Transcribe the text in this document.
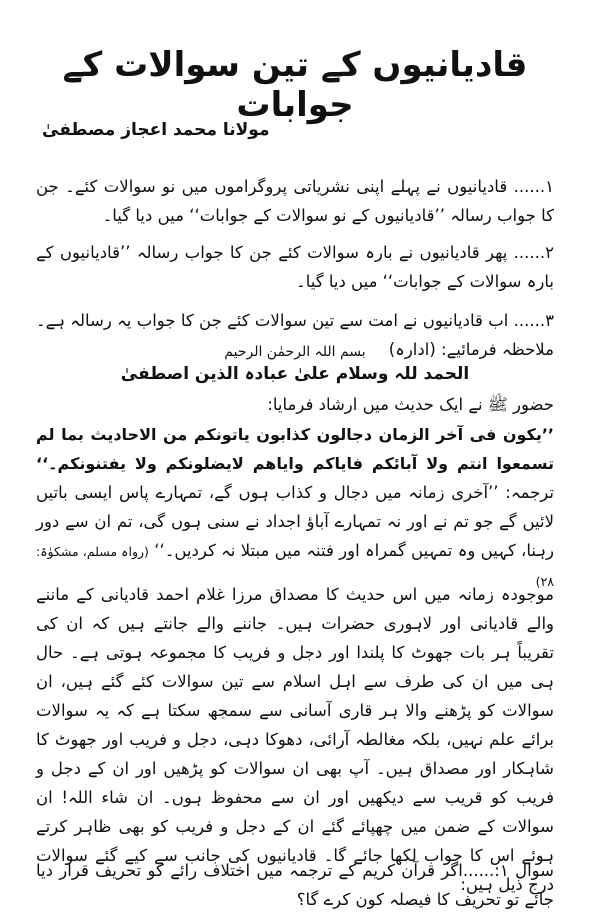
قادیانیوں کے تین سوالات کے جوابات
مولانا محمد اعجاز مصطفیٰ
۱...... قادیانیوں نے پہلے اپنی نشریاتی پروگراموں میں نو سوالات کئے۔ جن کا جواب رسالہ ’’قادیانیوں کے نو سوالات کے جوابات‘‘ میں دیا گیا۔
۲...... پھر قادیانیوں نے بارہ سوالات کئے جن کا جواب رسالہ ’’قادیانیوں کے بارہ سوالات کے جوابات‘‘ میں دیا گیا۔
۳...... اب قادیانیوں نے امت سے تین سوالات کئے جن کا جواب یہ رسالہ ہے۔ ملاحظہ فرمائیے: (ادارہ)
بسم اللہ الرحمٰن الرحیم
الحمد للہ وسلام علیٰ عبادہ الذین اصطفیٰ
حضور ﷺ نے ایک حدیث میں ارشاد فرمایا:
’’یکون فی آخر الزمان دجالون کذابون یاتونکم من الاحادیث بما لم تسمعوا انتم ولا آبائکم فایاکم وایاھم لایضلونکم ولا یفتنونکم۔‘‘ ترجمہ: ’’آخری زمانہ میں دجال و کذاب ہوں گے، تمہارے پاس ایسی باتیں لائیں گے جو تم نے اور نہ تمہارے آباؤ اجداد نے سنی ہوں گی، تم ان سے دور رہنا، کہیں وہ تمہیں گمراہ اور فتنہ میں مبتلا نہ کردیں۔‘‘ (رواہ مسلم، مشکوٰۃ: ۲۸)
موجودہ زمانہ میں اس حدیث کا مصداق مرزا غلام احمد قادیانی کے ماننے والے قادیانی اور لاہوری حضرات ہیں۔ جاننے والے جانتے ہیں کہ ان کی تقریباً ہر بات جھوٹ کا پلندا اور دجل و فریب کا مجموعہ ہوتی ہے۔ حال ہی میں ان کی طرف سے اہل اسلام سے تین سوالات کئے گئے ہیں، ان سوالات کو پڑھنے والا ہر قاری آسانی سے سمجھ سکتا ہے کہ یہ سوالات برائے علم نہیں، بلکہ مغالطہ آرائی، دھوکا دہی، دجل و فریب اور جھوٹ کا شاہکار اور مصداق ہیں۔ آپ بھی ان سوالات کو پڑھیں اور ان کے دجل و فریب کو قریب سے دیکھیں اور ان سے محفوظ ہوں۔ ان شاء اللہ! ان سوالات کے ضمن میں چھپائے گئے ان کے دجل و فریب کو بھی ظاہر کرتے ہوئے اس کا جواب لکھا جائے گا۔ قادیانیوں کی جانب سے کیے گئے سوالات درج ذیل ہیں:
سوال ۱:......اگر قرآن کریم کے ترجمہ میں اختلاف رائے کو تحریف قرار دیا جائے تو تحریف کا فیصلہ کون کرے گا؟
